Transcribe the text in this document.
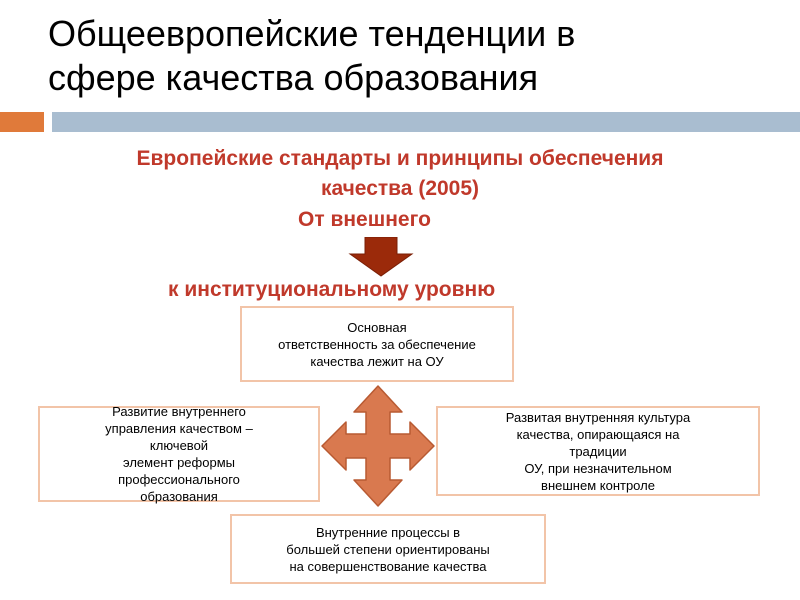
Общеевропейские тенденции в
сфере качества образования

Европейские стандарты и принципы обеспечения
качества (2005)

От внешнего

к институциональному уровню

Основная
ответственность за обеспечение
качества лежит на ОУ
Развитие внутреннего
управления качеством –
ключевой
элемент реформы
профессионального
образования
Развитая внутренняя культура
качества, опирающаяся на
традиции
ОУ, при незначительном
внешнем контроле
Внутренние процессы в
большей степени ориентированы
на совершенствование качества
